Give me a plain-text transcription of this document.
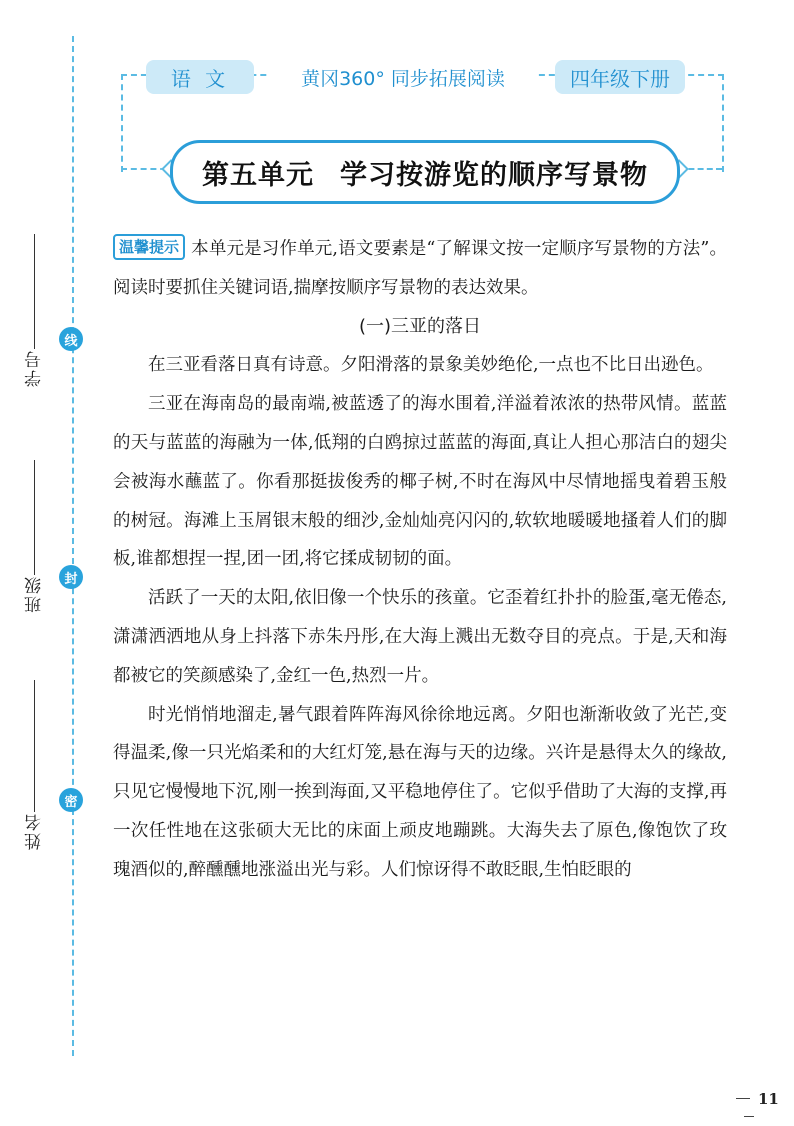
线
封
密
学号
班级
姓名
语 文	黄冈360° 同步拓展阅读	四年级下册
第五单元 学习按游览的顺序写景物

温馨提示 本单元是习作单元,语文要素是“了解课文按一定顺序写景物的方法”。阅读时要抓住关键词语,揣摩按顺序写景物的表达效果。

(一)三亚的落日

在三亚看落日真有诗意。夕阳滑落的景象美妙绝伦,一点也不比日出逊色。

三亚在海南岛的最南端,被蓝透了的海水围着,洋溢着浓浓的热带风情。蓝蓝的天与蓝蓝的海融为一体,低翔的白鸥掠过蓝蓝的海面,真让人担心那洁白的翅尖会被海水蘸蓝了。你看那挺拔俊秀的椰子树,不时在海风中尽情地摇曳着碧玉般的树冠。海滩上玉屑银末般的细沙,金灿灿亮闪闪的,软软地暖暖地搔着人们的脚板,谁都想捏一捏,团一团,将它揉成韧韧的面。

活跃了一天的太阳,依旧像一个快乐的孩童。它歪着红扑扑的脸蛋,毫无倦态,潇潇洒洒地从身上抖落下赤朱丹彤,在大海上溅出无数夺目的亮点。于是,天和海都被它的笑颜感染了,金红一色,热烈一片。

时光悄悄地溜走,暑气跟着阵阵海风徐徐地远离。夕阳也渐渐收敛了光芒,变得温柔,像一只光焰柔和的大红灯笼,悬在海与天的边缘。兴许是悬得太久的缘故,只见它慢慢地下沉,刚一挨到海面,又平稳地停住了。它似乎借助了大海的支撑,再一次任性地在这张硕大无比的床面上顽皮地蹦跳。大海失去了原色,像饱饮了玫瑰酒似的,醉醺醺地涨溢出光与彩。人们惊讶得不敢眨眼,生怕眨眼的

11
